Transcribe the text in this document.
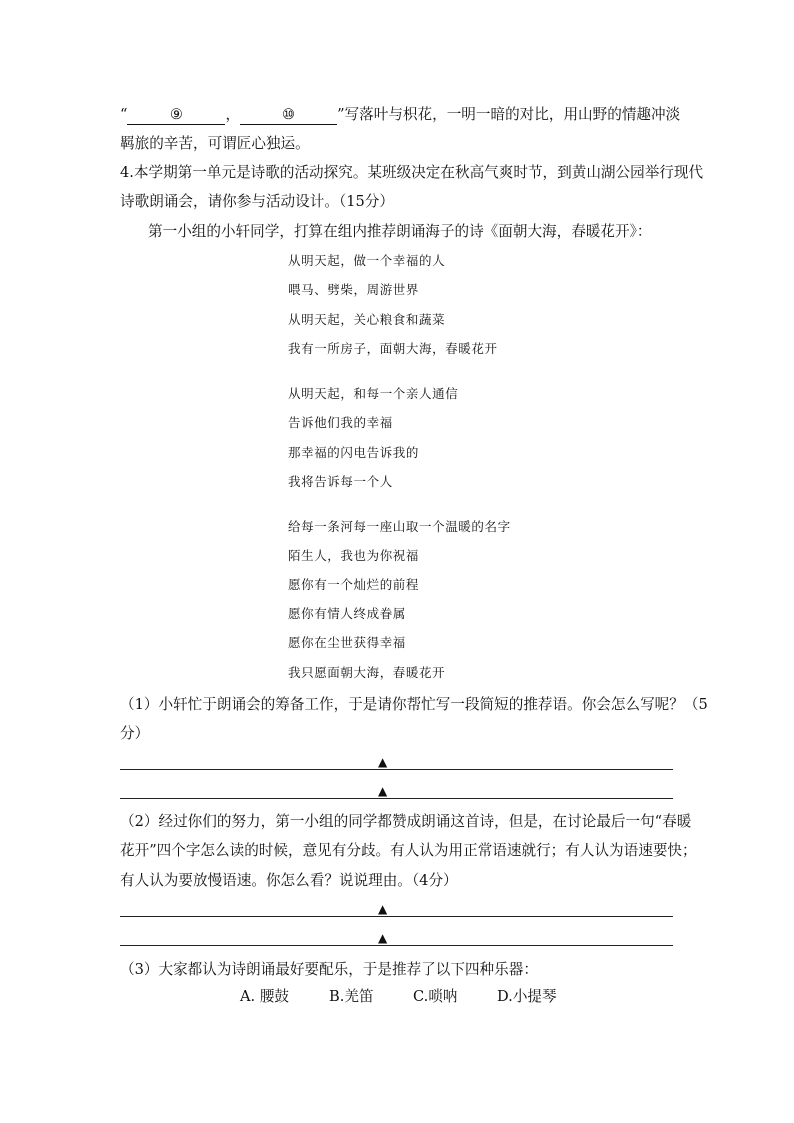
“	⑨	，	⑩	”写落叶与枳花，一明一暗的对比，用山野的情趣冲淡
羁旅的辛苦，可谓匠心独运。
4.本学期第一单元是诗歌的活动探究。某班级决定在秋高气爽时节，到黄山湖公园举行现代
诗歌朗诵会，请你参与活动设计。（15分）
第一小组的小轩同学，打算在组内推荐朗诵海子的诗《面朝大海，春暖花开》：
从明天起，做一个幸福的人
喂马、劈柴，周游世界
从明天起，关心粮食和蔬菜
我有一所房子，面朝大海，春暖花开
从明天起，和每一个亲人通信
告诉他们我的幸福
那幸福的闪电告诉我的
我将告诉每一个人
给每一条河每一座山取一个温暖的名字
陌生人，我也为你祝福
愿你有一个灿烂的前程
愿你有情人终成眷属
愿你在尘世获得幸福
我只愿面朝大海，春暖花开
（1）小轩忙于朗诵会的筹备工作，于是请你帮忙写一段简短的推荐语。你会怎么写呢？（5
分）
▲
▲
（2）经过你们的努力，第一小组的同学都赞成朗诵这首诗，但是，在讨论最后一句“春暖
花开”四个字怎么读的时候，意见有分歧。有人认为用正常语速就行；有人认为语速要快；
有人认为要放慢语速。你怎么看？说说理由。（4分）
▲
▲
（3）大家都认为诗朗诵最好要配乐，于是推荐了以下四种乐器：
A. 腰鼓	B.羌笛	C.唢呐	D.小提琴
